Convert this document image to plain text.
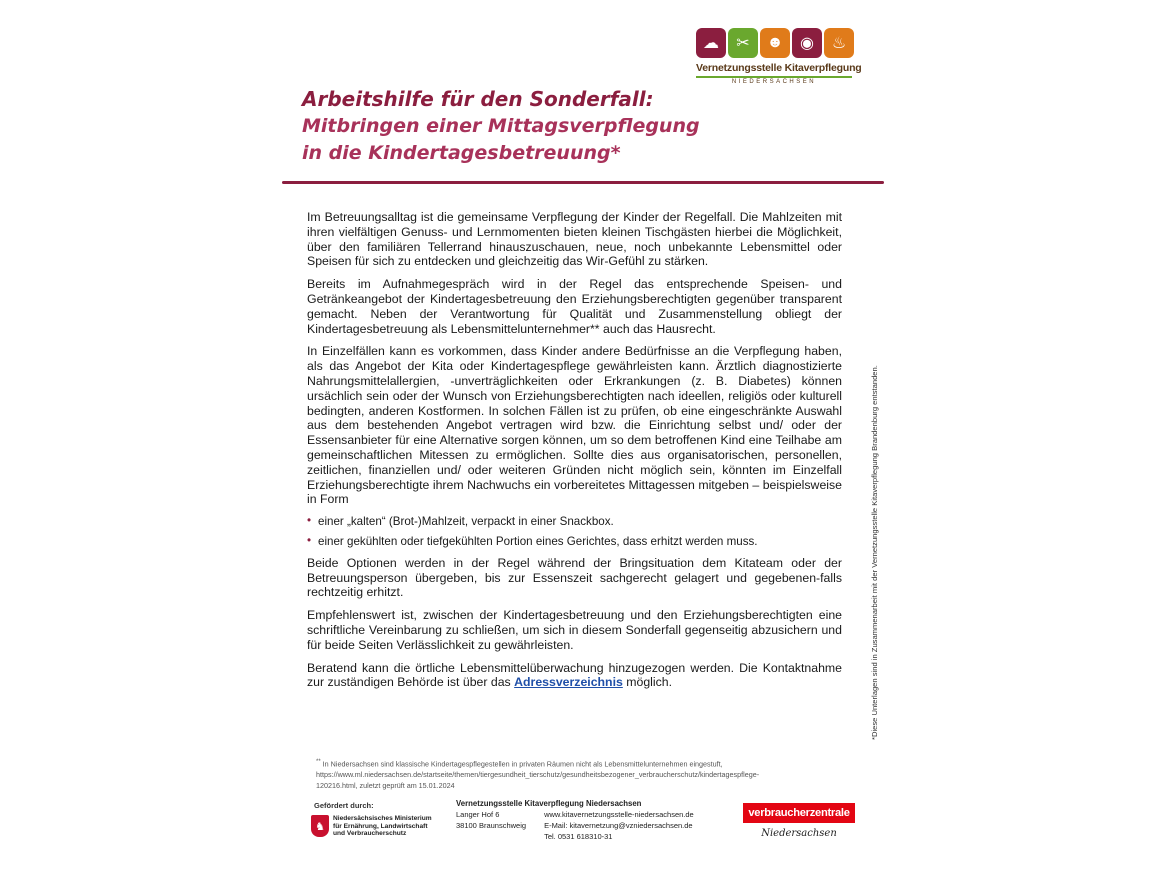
☁	✂	☻	◉	♨
Vernetzungsstelle Kitaverpflegung
NIEDERSACHSEN
Arbeitshilfe für den Sonderfall:
Mitbringen einer Mittagsverpflegung
in die Kindertagesbetreuung*

Im Betreuungsalltag ist die gemeinsame Verpflegung der Kinder der Regelfall. Die Mahlzeiten mit ihren vielfältigen Genuss- und Lernmomenten bieten kleinen Tischgästen hierbei die Möglichkeit, über den familiären Tellerrand hinauszuschauen, neue, noch unbekannte Lebensmittel oder Speisen für sich zu entdecken und gleichzeitig das Wir-Gefühl zu stärken.

Bereits im Aufnahmegespräch wird in der Regel das entsprechende Speisen- und Getränkeangebot der Kindertagesbetreuung den Erziehungsberechtigten gegenüber transparent gemacht. Neben der Verantwortung für Qualität und Zusammenstellung obliegt der Kindertagesbetreuung als Lebensmittelunternehmer** auch das Hausrecht.

In Einzelfällen kann es vorkommen, dass Kinder andere Bedürfnisse an die Verpflegung haben, als das Angebot der Kita oder Kindertagespflege gewährleisten kann. Ärztlich diagnostizierte Nahrungsmittelallergien, -unverträglichkeiten oder Erkrankungen (z. B. Diabetes) können ursächlich sein oder der Wunsch von Erziehungsberechtigten nach ideellen, religiös oder kulturell bedingten, anderen Kostformen. In solchen Fällen ist zu prüfen, ob eine eingeschränkte Auswahl aus dem bestehenden Angebot vertragen wird bzw. die Einrichtung selbst und/ oder der Essensanbieter für eine Alternative sorgen können, um so dem betroffenen Kind eine Teilhabe am gemeinschaftlichen Mitessen zu ermöglichen. Sollte dies aus organisatorischen, personellen, zeitlichen, finanziellen und/ oder weiteren Gründen nicht möglich sein, könnten im Einzelfall Erziehungsberechtigte ihrem Nachwuchs ein vorbereitetes Mittagessen mitgeben – beispielsweise in Form

• einer „kalten“ (Brot-)Mahlzeit, verpackt in einer Snackbox.
• einer gekühlten oder tiefgekühlten Portion eines Gerichtes, dass erhitzt werden muss.

Beide Optionen werden in der Regel während der Bringsituation dem Kitateam oder der Betreuungsperson übergeben, bis zur Essenszeit sachgerecht gelagert und gegebenen-falls rechtzeitig erhitzt.

Empfehlenswert ist, zwischen der Kindertagesbetreuung und den Erziehungsberechtigten eine schriftliche Vereinbarung zu schließen, um sich in diesem Sonderfall gegenseitig abzusichern und für beide Seiten Verlässlichkeit zu gewährleisten.

Beratend kann die örtliche Lebensmittelüberwachung hinzugezogen werden. Die Kontaktnahme zur zuständigen Behörde ist über das Adressverzeichnis möglich.	*Diese Unterlagen sind in Zusammenarbeit mit der Vernetzungsstelle Kitaverpflegung Brandenburg entstanden.
** In Niedersachsen sind klassische Kindertagespflegestellen in privaten Räumen nicht als Lebensmittelunternehmen eingestuft,
https://www.ml.niedersachsen.de/startseite/themen/tiergesundheit_tierschutz/gesundheitsbezogener_verbraucherschutz/kindertagespflege-
120216.html, zuletzt geprüft am 15.01.2024
Gefördert durch:
♞
Niedersächsisches Ministerium
für Ernährung, Landwirtschaft
und Verbraucherschutz
Vernetzungsstelle Kitaverpflegung Niedersachsen
Langer Hof 6
38100 Braunschweig
www.kitavernetzungsstelle-niedersachsen.de
E-Mail: kitavernetzung@vzniedersachsen.de
Tel. 0531 618310-31
verbraucherzentrale
Niedersachsen
